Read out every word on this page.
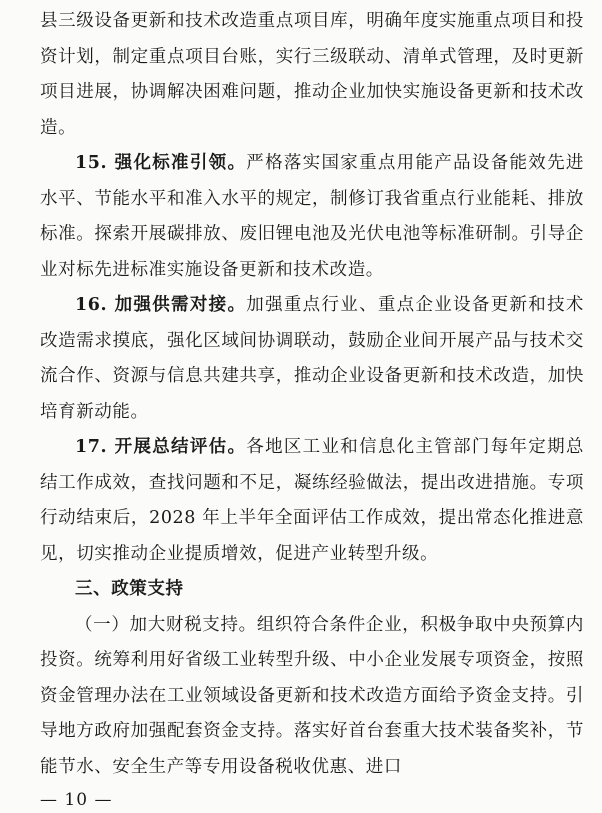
县三级设备更新和技术改造重点项目库，明确年度实施重点项目和投资计划，制定重点项目台账，实行三级联动、清单式管理，及时更新项目进展，协调解决困难问题，推动企业加快实施设备更新和技术改造。

15. 强化标准引领。严格落实国家重点用能产品设备能效先进水平、节能水平和准入水平的规定，制修订我省重点行业能耗、排放标准。探索开展碳排放、废旧锂电池及光伏电池等标准研制。引导企业对标先进标准实施设备更新和技术改造。

16. 加强供需对接。加强重点行业、重点企业设备更新和技术改造需求摸底，强化区域间协调联动，鼓励企业间开展产品与技术交流合作、资源与信息共建共享，推动企业设备更新和技术改造，加快培育新动能。

17. 开展总结评估。各地区工业和信息化主管部门每年定期总结工作成效，查找问题和不足，凝练经验做法，提出改进措施。专项行动结束后，2028 年上半年全面评估工作成效，提出常态化推进意见，切实推动企业提质增效，促进产业转型升级。

三、政策支持

（一）加大财税支持。组织符合条件企业，积极争取中央预算内投资。统筹利用好省级工业转型升级、中小企业发展专项资金，按照资金管理办法在工业领域设备更新和技术改造方面给予资金支持。引导地方政府加强配套资金支持。落实好首台套重大技术装备奖补，节能节水、安全生产等专用设备税收优惠、进口

— 10 —
